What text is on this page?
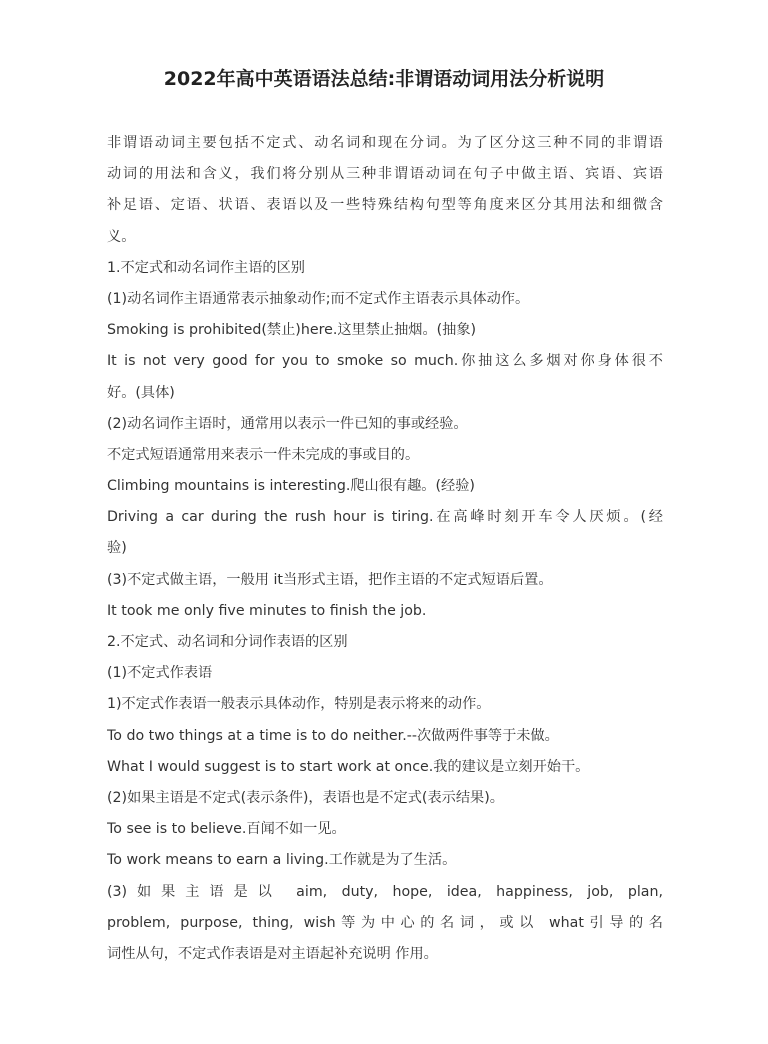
2022年高中英语语法总结:非谓语动词用法分析说明
非谓语动词主要包括不定式、动名词和现在分词。为了区分这三种不同的非谓语
动词的用法和含义，我们将分别从三种非谓语动词在句子中做主语、宾语、宾语
补足语、定语、状语、表语以及一些特殊结构句型等角度来区分其用法和细微含
义。
1.不定式和动名词作主语的区别
(1)动名词作主语通常表示抽象动作;而不定式作主语表示具体动作。
Smoking is prohibited(禁止)here.这里禁止抽烟。(抽象)
It is not very good for you to smoke so much.你抽这么多烟对你身体很不
好。(具体)
(2)动名词作主语时，通常用以表示一件已知的事或经验。
不定式短语通常用来表示一件未完成的事或目的。
Climbing mountains is interesting.爬山很有趣。(经验)
Driving a car during the rush hour is tiring.在高峰时刻开车令人厌烦。(经
验)
(3)不定式做主语，一般用 it当形式主语，把作主语的不定式短语后置。
It took me only five minutes to finish the job.
2.不定式、动名词和分词作表语的区别
(1)不定式作表语
1)不定式作表语一般表示具体动作，特别是表示将来的动作。
To do two things at a time is to do neither.--次做两件事等于未做。
What I would suggest is to start work at once.我的建议是立刻开始干。
(2)如果主语是不定式(表示条件)，表语也是不定式(表示结果)。
To see is to believe.百闻不如一见。
To work means to earn a living.工作就是为了生活。
(3)如果主语是以 aim, duty, hope, idea, happiness, job, plan,
problem, purpose, thing, wish等为中心的名词，或以 what引导的名
词性从句，不定式作表语是对主语起补充说明 作用。
